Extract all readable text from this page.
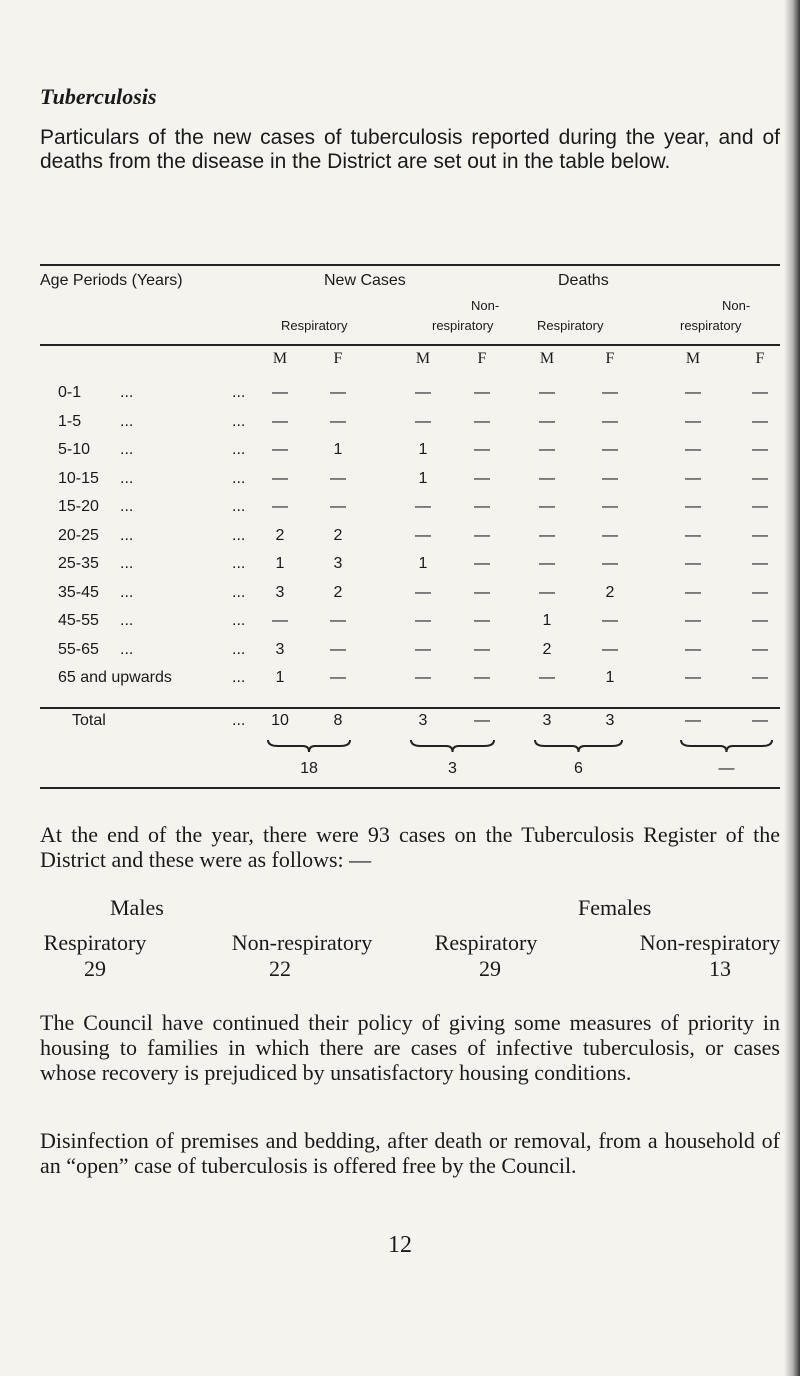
Tuberculosis
Particulars of the new cases of tuberculosis reported during the year, and of deaths from the disease in the District are set out in the table below.
Age Periods (Years)	New Cases	Deaths
Non-	Non-
Respiratory	respiratory	Respiratory	respiratory
M	F	M	F	M	F	M	F
0-1 ...	...	—	—	—	—	—	—	—	—
1-5 ...	...	—	—	—	—	—	—	—	—
5-10 ...	...	—	1	1	—	—	—	—	—
10-15 ...	...	—	—	1	—	—	—	—	—
15-20 ...	...	—	—	—	—	—	—	—	—
20-25 ...	...	2	2	—	—	—	—	—	—
25-35 ...	...	1	3	1	—	—	—	—	—
35-45 ...	...	3	2	—	—	—	2	—	—
45-55 ...	...	—	—	—	—	1	—	—	—
55-65 ...	...	3	—	—	—	2	—	—	—
65 and upwards	...	1	—	—	—	—	1	—	—
Total	...	10	8	3	—	3	3	—	—
18	3	6	—
At the end of the year, there were 93 cases on the Tuberculosis Register of the District and these were as follows: —
Males	Females
Respiratory	Non-respiratory	Respiratory	Non-respiratory
29	22	29	13
The Council have continued their policy of giving some measures of priority in housing to families in which there are cases of infective tuberculosis, or cases whose recovery is prejudiced by unsatisfactory housing conditions.
Disinfection of premises and bedding, after death or removal, from a household of an “open” case of tuberculosis is offered free by the Council.
12
